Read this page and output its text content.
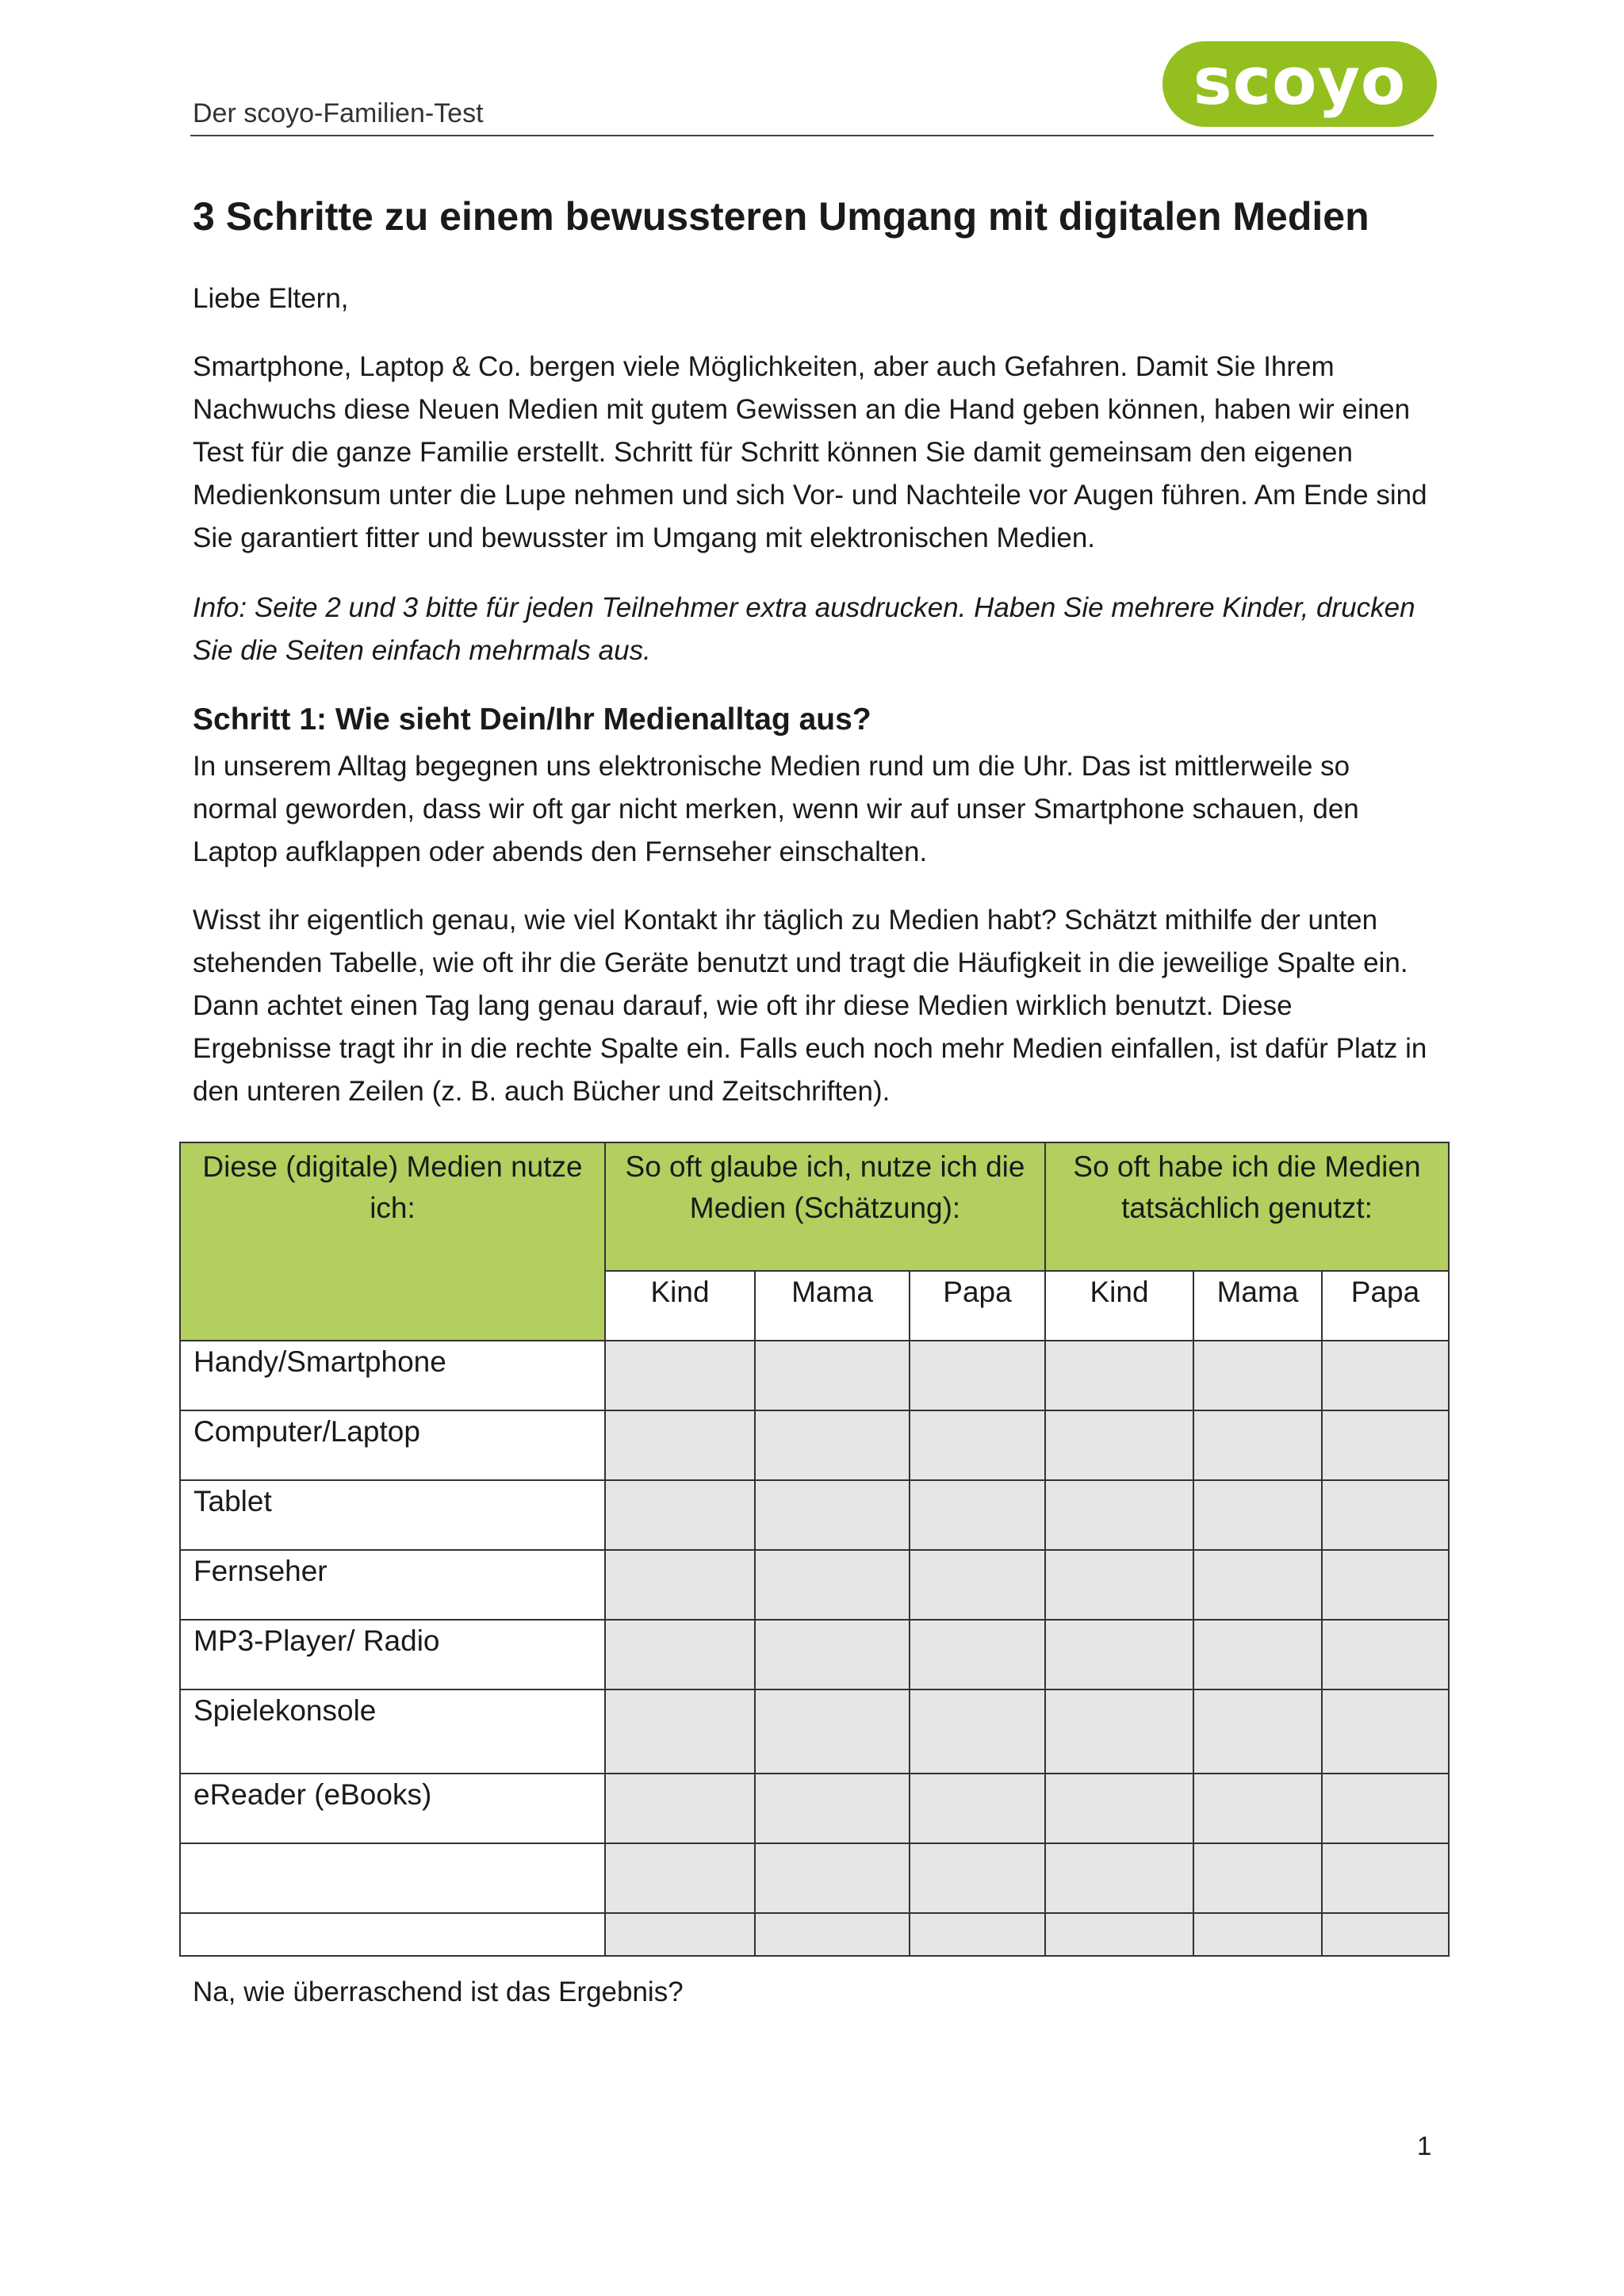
Der scoyo-Familien-Test	scoyo
3 Schritte zu einem bewussteren Umgang mit digitalen Medien

Liebe Eltern,

Smartphone, Laptop & Co. bergen viele Möglichkeiten, aber auch Gefahren. Damit Sie Ihrem Nachwuchs diese Neuen Medien mit gutem Gewissen an die Hand geben können, haben wir einen Test für die ganze Familie erstellt. Schritt für Schritt können Sie damit gemeinsam den eigenen Medienkonsum unter die Lupe nehmen und sich Vor- und Nachteile vor Augen führen. Am Ende sind Sie garantiert fitter und bewusster im Umgang mit elektronischen Medien.

Info: Seite 2 und 3 bitte für jeden Teilnehmer extra ausdrucken. Haben Sie mehrere Kinder, drucken Sie die Seiten einfach mehrmals aus.

Schritt 1: Wie sieht Dein/Ihr Medienalltag aus?

In unserem Alltag begegnen uns elektronische Medien rund um die Uhr. Das ist mittlerweile so normal geworden, dass wir oft gar nicht merken, wenn wir auf unser Smartphone schauen, den Laptop aufklappen oder abends den Fernseher einschalten.

Wisst ihr eigentlich genau, wie viel Kontakt ihr täglich zu Medien habt? Schätzt mithilfe der unten stehenden Tabelle, wie oft ihr die Geräte benutzt und tragt die Häufigkeit in die jeweilige Spalte ein. Dann achtet einen Tag lang genau darauf, wie oft ihr diese Medien wirklich benutzt. Diese Ergebnisse tragt ihr in die rechte Spalte ein. Falls euch noch mehr Medien einfallen, ist dafür Platz in den unteren Zeilen (z. B. auch Bücher und Zeitschriften).

Diese (digitale) Medien nutze ich:	So oft glaube ich, nutze ich die Medien (Schätzung):			So oft habe ich die Medien tatsächlich genutzt:		
	Kind	Mama	Papa	Kind	Mama	Papa
Handy/Smartphone						
Computer/Laptop						
Tablet						
Fernseher						
MP3-Player/ Radio						
Spielekonsole						
eReader (eBooks)						

Na, wie überraschend ist das Ergebnis?

1
